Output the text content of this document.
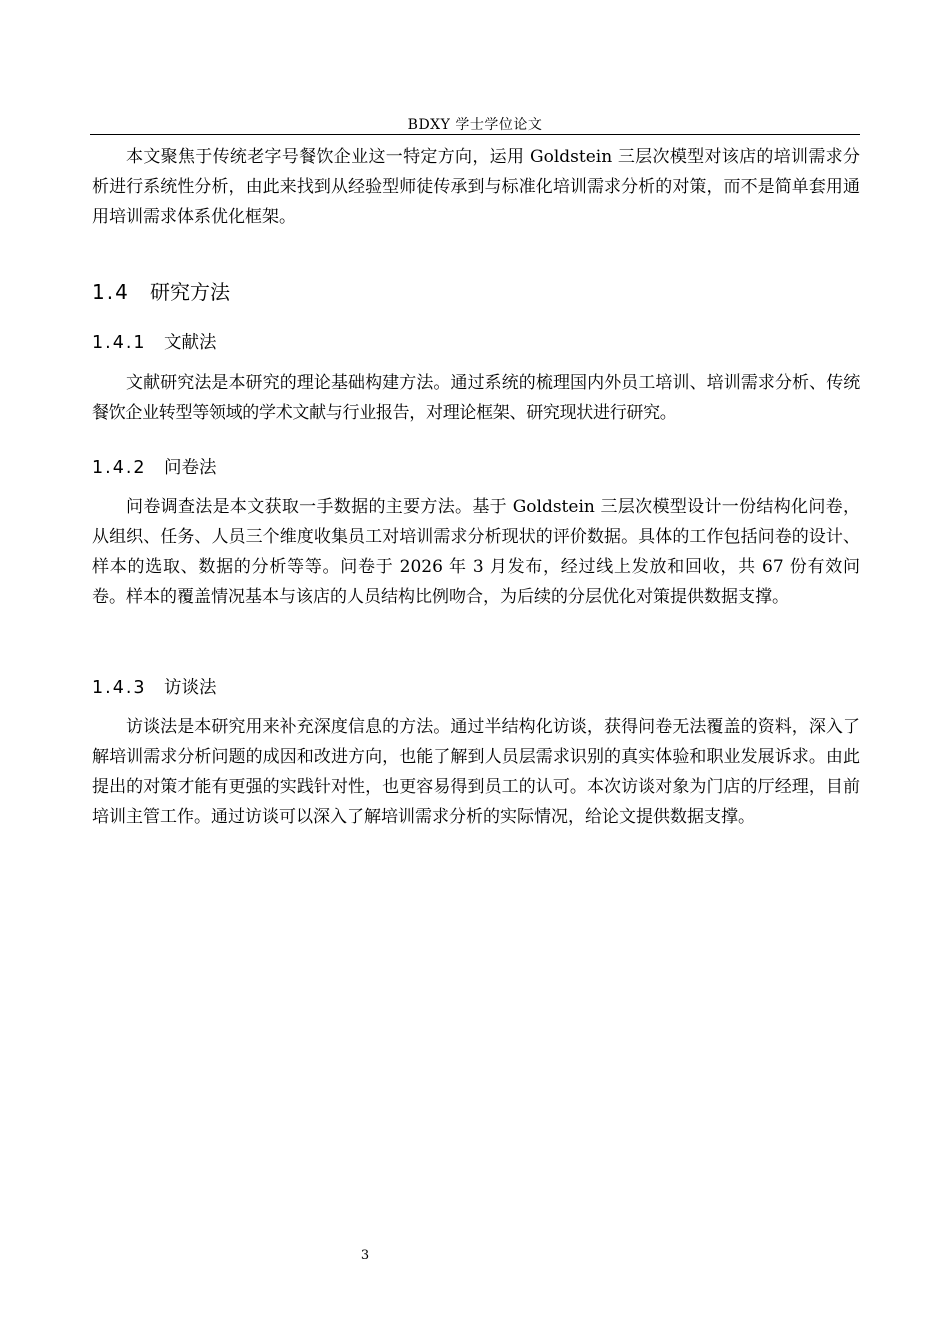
BDXY 学士学位论文

本文聚焦于传统老字号餐饮企业这一特定方向，运用 Goldstein 三层次模型对该店的培训需求分析进行系统性分析，由此来找到从经验型师徒传承到与标准化培训需求分析的对策，而不是简单套用通用培训需求体系优化框架。

1.4 研究方法
1.4.1 文献法

文献研究法是本研究的理论基础构建方法。通过系统的梳理国内外员工培训、培训需求分析、传统餐饮企业转型等领域的学术文献与行业报告，对理论框架、研究现状进行研究。

1.4.2 问卷法

问卷调查法是本文获取一手数据的主要方法。基于 Goldstein 三层次模型设计一份结构化问卷，从组织、任务、人员三个维度收集员工对培训需求分析现状的评价数据。具体的工作包括问卷的设计、样本的选取、数据的分析等等。问卷于 2026 年 3 月发布，经过线上发放和回收，共 67 份有效问卷。样本的覆盖情况基本与该店的人员结构比例吻合，为后续的分层优化对策提供数据支撑。

1.4.3 访谈法

访谈法是本研究用来补充深度信息的方法。通过半结构化访谈，获得问卷无法覆盖的资料，深入了解培训需求分析问题的成因和改进方向，也能了解到人员层需求识别的真实体验和职业发展诉求。由此提出的对策才能有更强的实践针对性，也更容易得到员工的认可。本次访谈对象为门店的厅经理，目前培训主管工作。通过访谈可以深入了解培训需求分析的实际情况，给论文提供数据支撑。

3
